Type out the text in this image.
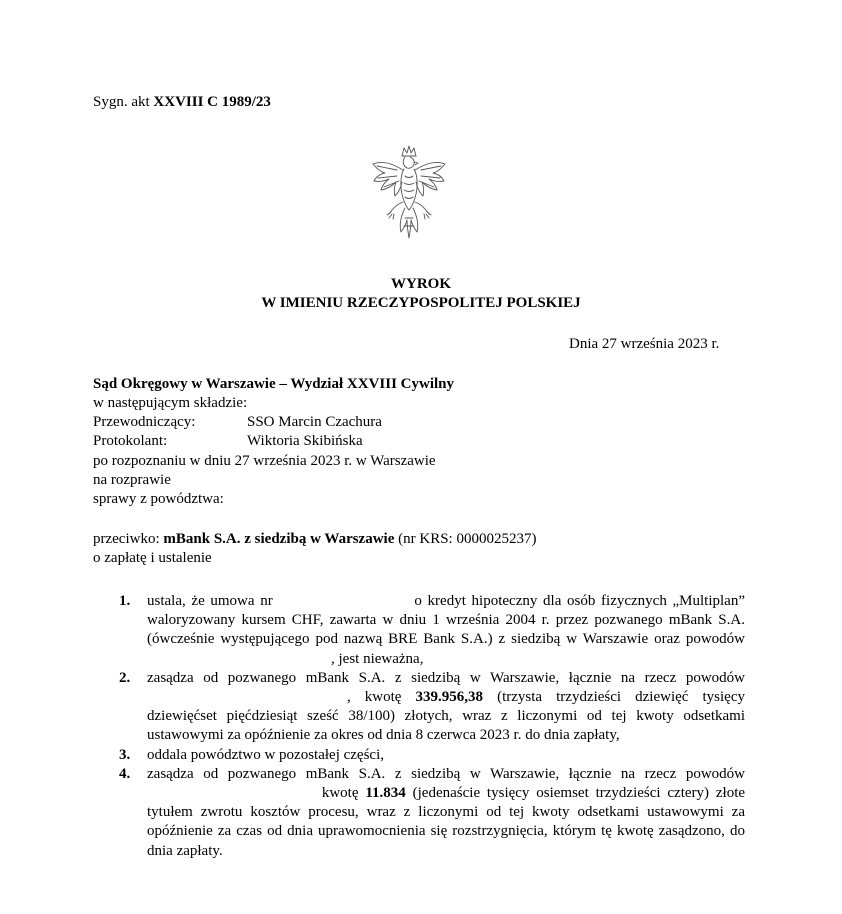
Sygn. akt XXVIII C 1989/23
WYROK
W IMIENIU RZECZYPOSPOLITEJ POLSKIEJ
Dnia 27 września 2023 r.
Sąd Okręgowy w Warszawie – Wydział XXVIII Cywilny
w następującym składzie:
Przewodniczący:	SSO Marcin Czachura
Protokolant:	Wiktoria Skibińska
po rozpoznaniu w dniu 27 września 2023 r. w Warszawie
na rozprawie
sprawy z powództwa:
przeciwko: mBank S.A. z siedzibą w Warszawie (nr KRS: 0000025237)
o zapłatę i ustalenie
1. ustala, że umowa nr	o kredyt hipoteczny dla osób fizycznych „Multiplan” waloryzowany kursem CHF, zawarta w dniu 1 września 2004 r. przez pozwanego mBank S.A. (ówcześnie występującego pod nazwą BRE Bank S.A.) z siedzibą w Warszawie oraz powodów, jest nieważna,
2. zasądza od pozwanego mBank S.A. z siedzibą w Warszawie, łącznie na rzecz powodów, kwotę 339.956,38 (trzysta trzydzieści dziewięć tysięcy dziewięćset pięćdziesiąt sześć 38/100) złotych, wraz z liczonymi od tej kwoty odsetkami ustawowymi za opóźnienie za okres od dnia 8 czerwca 2023 r. do dnia zapłaty,
3. oddala powództwo w pozostałej części,
4. zasądza od pozwanego mBank S.A. z siedzibą w Warszawie, łącznie na rzecz powodów kwotę 11.834 (jedenaście tysięcy osiemset trzydzieści cztery) złote tytułem zwrotu kosztów procesu, wraz z liczonymi od tej kwoty odsetkami ustawowymi za opóźnienie za czas od dnia uprawomocnienia się rozstrzygnięcia, którym tę kwotę zasądzono, do dnia zapłaty.
